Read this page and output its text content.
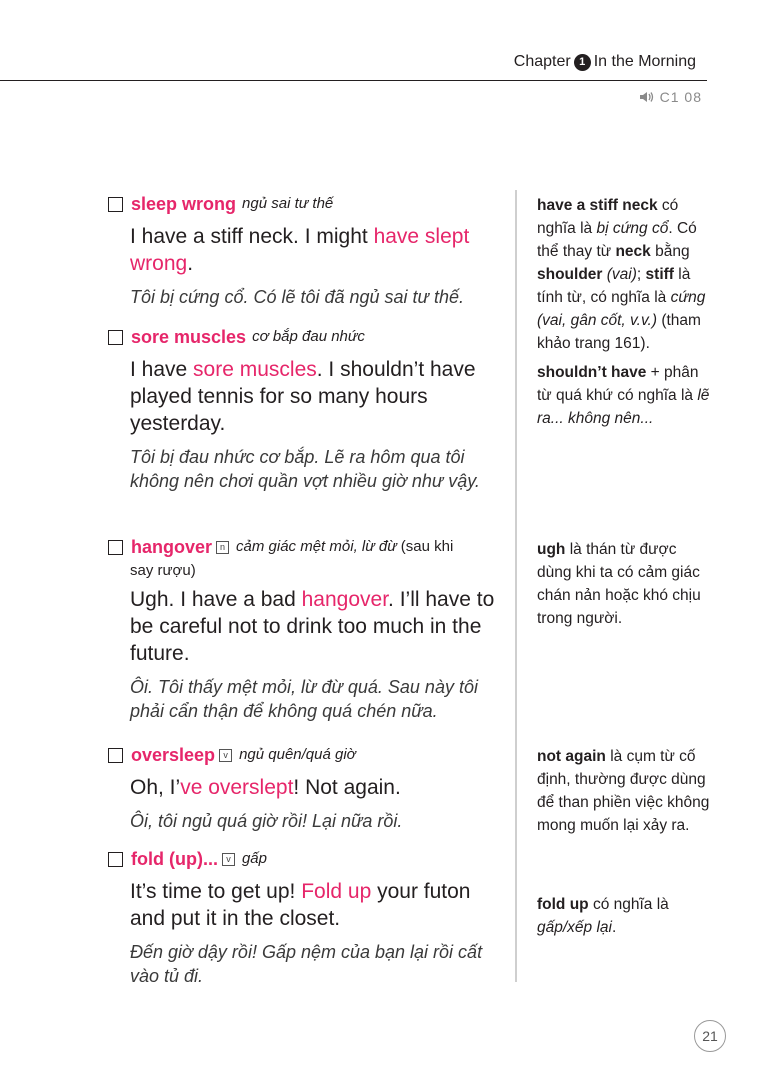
Chapter 1 In the Morning
C1 08
sleep wrong ngủ sai tư thế
I have a stiff neck. I might have slept wrong.
Tôi bị cứng cổ. Có lẽ tôi đã ngủ sai tư thế.
sore muscles cơ bắp đau nhức
I have sore muscles. I shouldn’t have played tennis for so many hours yesterday.
Tôi bị đau nhức cơ bắp. Lẽ ra hôm qua tôi không nên chơi quần vợt nhiều giờ như vậy.
hangover n cảm giác mệt mỏi, lừ đừ (sau khi
say rượu)
Ugh. I have a bad hangover. I’ll have to be careful not to drink too much in the future.
Ôi. Tôi thấy mệt mỏi, lừ đừ quá. Sau này tôi phải cẩn thận để không quá chén nữa.
oversleep v ngủ quên/quá giờ
Oh, I’ve overslept! Not again.
Ôi, tôi ngủ quá giờ rồi! Lại nữa rồi.
fold (up)... v gấp
It’s time to get up! Fold up your futon and put it in the closet.
Đến giờ dậy rồi! Gấp nệm của bạn lại rồi cất vào tủ đi.

have a stiff neck có nghĩa là bị cứng cổ. Có thể thay từ neck bằng shoulder (vai); stiff là tính từ, có nghĩa là cứng (vai, gân cốt, v.v.) (tham khảo trang 161).

shouldn’t have + phân từ quá khứ có nghĩa là lẽ ra... không nên...

ugh là thán từ được dùng khi ta có cảm giác chán nản hoặc khó chịu trong người.

not again là cụm từ cố định, thường được dùng để than phiền việc không mong muốn lại xảy ra.

fold up có nghĩa là gấp/xếp lại.

21
